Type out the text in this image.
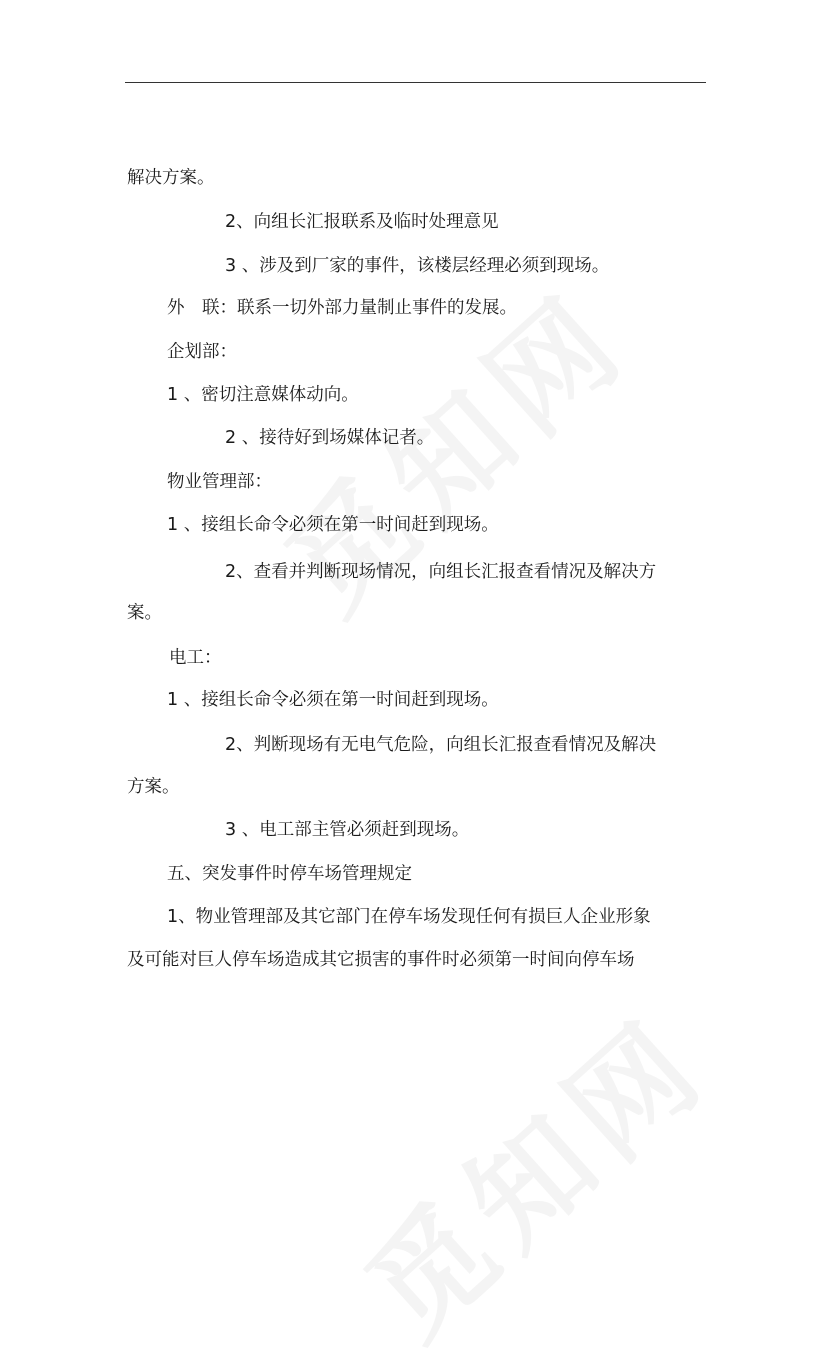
解决方案。

2、向组长汇报联系及临时处理意见

3 、涉及到厂家的事件，该楼层经理必须到现场。

外　联：联系一切外部力量制止事件的发展。

企划部：

1 、密切注意媒体动向。

2 、接待好到场媒体记者。

物业管理部：

1 、接组长命令必须在第一时间赶到现场。

2、查看并判断现场情况，向组长汇报查看情况及解决方

案。

电工：

1 、接组长命令必须在第一时间赶到现场。

2、判断现场有无电气危险，向组长汇报查看情况及解决

方案。

3 、电工部主管必须赶到现场。

五、突发事件时停车场管理规定

1、物业管理部及其它部门在停车场发现任何有损巨人企业形象

及可能对巨人停车场造成其它损害的事件时必须第一时间向停车场
